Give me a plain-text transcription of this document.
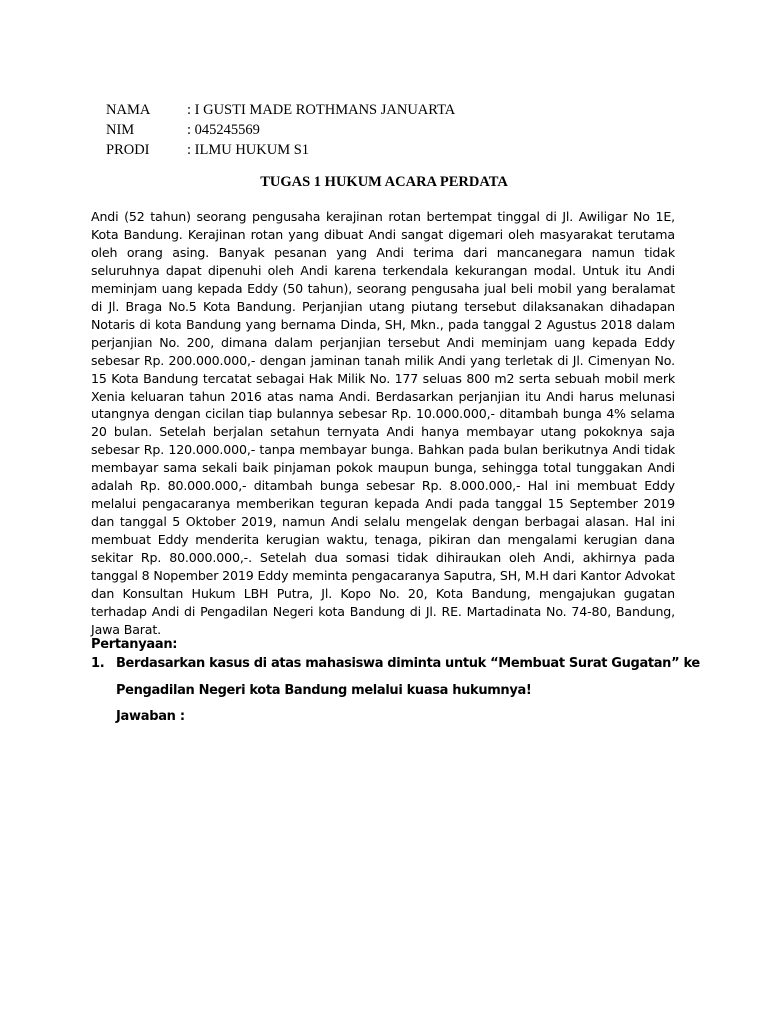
NAMA	: I GUSTI MADE ROTHMANS JANUARTA
NIM	: 045245569
PRODI	: ILMU HUKUM S1
TUGAS 1 HUKUM ACARA PERDATA
Andi (52 tahun) seorang pengusaha kerajinan rotan bertempat tinggal di Jl. Awiligar No 1E, Kota Bandung. Kerajinan rotan yang dibuat Andi sangat digemari oleh masyarakat terutama oleh orang asing. Banyak pesanan yang Andi terima dari mancanegara namun tidak seluruhnya dapat dipenuhi oleh Andi karena terkendala kekurangan modal. Untuk itu Andi meminjam uang kepada Eddy (50 tahun), seorang pengusaha jual beli mobil yang beralamat di Jl. Braga No.5 Kota Bandung. Perjanjian utang piutang tersebut dilaksanakan dihadapan Notaris di kota Bandung yang bernama Dinda, SH, Mkn., pada tanggal 2 Agustus 2018 dalam perjanjian No. 200, dimana dalam perjanjian tersebut Andi meminjam uang kepada Eddy sebesar Rp. 200.000.000,- dengan jaminan tanah milik Andi yang terletak di Jl. Cimenyan No. 15 Kota Bandung tercatat sebagai Hak Milik No. 177 seluas 800 m2 serta sebuah mobil merk Xenia keluaran tahun 2016 atas nama Andi. Berdasarkan perjanjian itu Andi harus melunasi utangnya dengan cicilan tiap bulannya sebesar Rp. 10.000.000,- ditambah bunga 4% selama 20 bulan. Setelah berjalan setahun ternyata Andi hanya membayar utang pokoknya saja sebesar Rp. 120.000.000,- tanpa membayar bunga. Bahkan pada bulan berikutnya Andi tidak membayar sama sekali baik pinjaman pokok maupun bunga, sehingga total tunggakan Andi adalah Rp. 80.000.000,- ditambah bunga sebesar Rp. 8.000.000,- Hal ini membuat Eddy melalui pengacaranya memberikan teguran kepada Andi pada tanggal 15 September 2019 dan tanggal 5 Oktober 2019, namun Andi selalu mengelak dengan berbagai alasan. Hal ini membuat Eddy menderita kerugian waktu, tenaga, pikiran dan mengalami kerugian dana sekitar Rp. 80.000.000,-. Setelah dua somasi tidak dihiraukan oleh Andi, akhirnya pada tanggal 8 Nopember 2019 Eddy meminta pengacaranya Saputra, SH, M.H dari Kantor Advokat dan Konsultan Hukum LBH Putra, Jl. Kopo No. 20, Kota Bandung, mengajukan gugatan terhadap Andi di Pengadilan Negeri kota Bandung di Jl. RE. Martadinata No. 74-80, Bandung, Jawa Barat.
Pertanyaan:
1. Berdasarkan kasus di atas mahasiswa diminta untuk “Membuat Surat Gugatan” ke
Pengadilan Negeri kota Bandung melalui kuasa hukumnya!
Jawaban :
